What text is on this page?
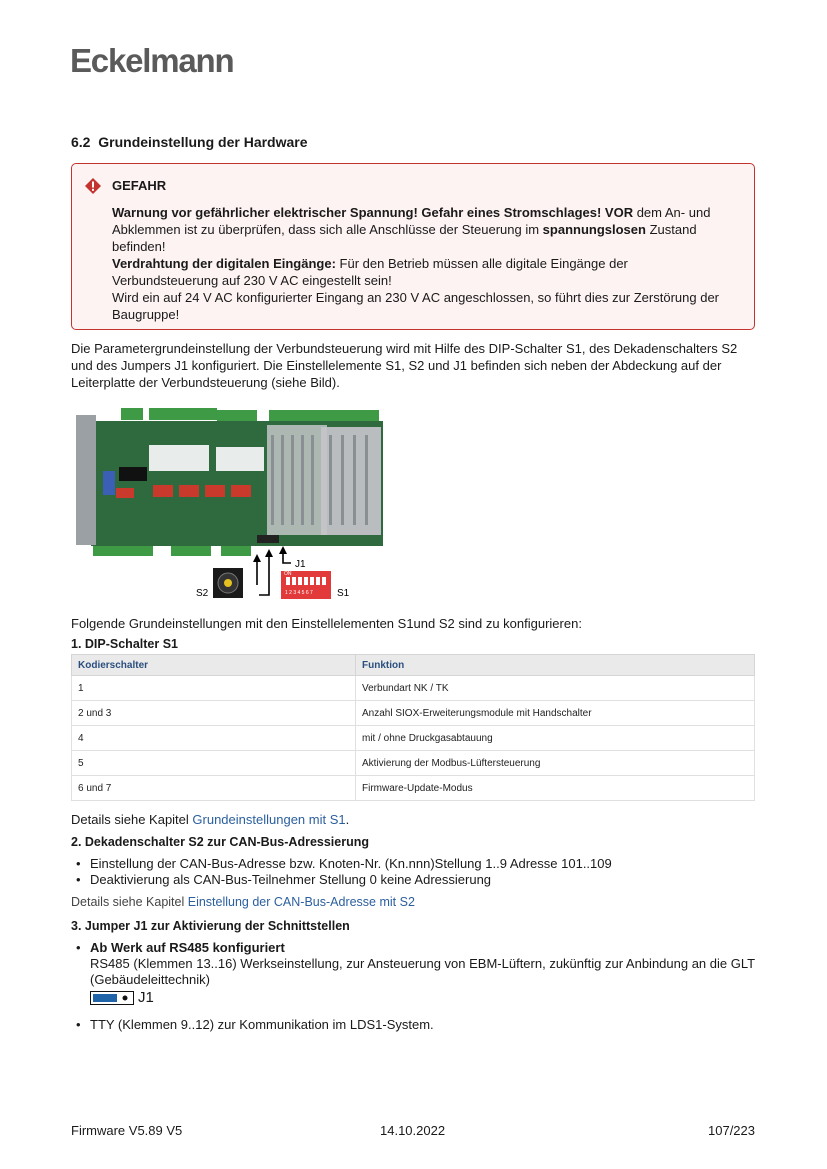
Eckelmann
6.2 Grundeinstellung der Hardware
GEFAHR

Warnung vor gefährlicher elektrischer Spannung! Gefahr eines Stromschlages! VOR dem An- und Abklemmen ist zu überprüfen, dass sich alle Anschlüsse der Steuerung im spannungslosen Zustand befinden!

Verdrahtung der digitalen Eingänge: Für den Betrieb müssen alle digitale Eingänge der Verbundsteuerung auf 230 V AC eingestellt sein!

Wird ein auf 24 V AC konfigurierter Eingang an 230 V AC angeschlossen, so führt dies zur Zerstörung der Baugruppe!

Die Parametergrundeinstellung der Verbundsteuerung wird mit Hilfe des DIP-Schalter S1, des Dekadenschalters S2 und des Jumpers J1 konfiguriert. Die Einstellelemente S1, S2 und J1 befinden sich neben der Abdeckung auf der Leiterplatte der Verbundsteuerung (siehe Bild).

J1
S2
ON
1 2 3 4 5 6 7 S1

Folgende Grundeinstellungen mit den Einstellelementen S1und S2 sind zu konfigurieren:

1. DIP-Schalter S1

Kodierschalter	Funktion
1	Verbundart NK / TK
2 und 3	Anzahl SIOX-Erweiterungsmodule mit Handschalter
4	mit / ohne Druckgasabtauung
5	Aktivierung der Modbus-Lüftersteuerung
6 und 7	Firmware-Update-Modus

Details siehe Kapitel Grundeinstellungen mit S1.

2. Dekadenschalter S2 zur CAN-Bus-Adressierung

• Einstellung der CAN-Bus-Adresse bzw. Knoten-Nr. (Kn.nnn)Stellung 1..9 Adresse 101..109
• Deaktivierung als CAN-Bus-Teilnehmer Stellung 0 keine Adressierung

Details siehe Kapitel Einstellung der CAN-Bus-Adresse mit S2

3. Jumper J1 zur Aktivierung der Schnittstellen

• Ab Werk auf RS485 konfiguriert
RS485 (Klemmen 13..16) Werkseinstellung, zur Ansteuerung von EBM-Lüftern, zukünftig zur Anbindung an die GLT (Gebäudeleittechnik)

J1
• TTY (Klemmen 9..12) zur Kommunikation im LDS1-System.
Firmware V5.89 V5	14.10.2022	107/223
